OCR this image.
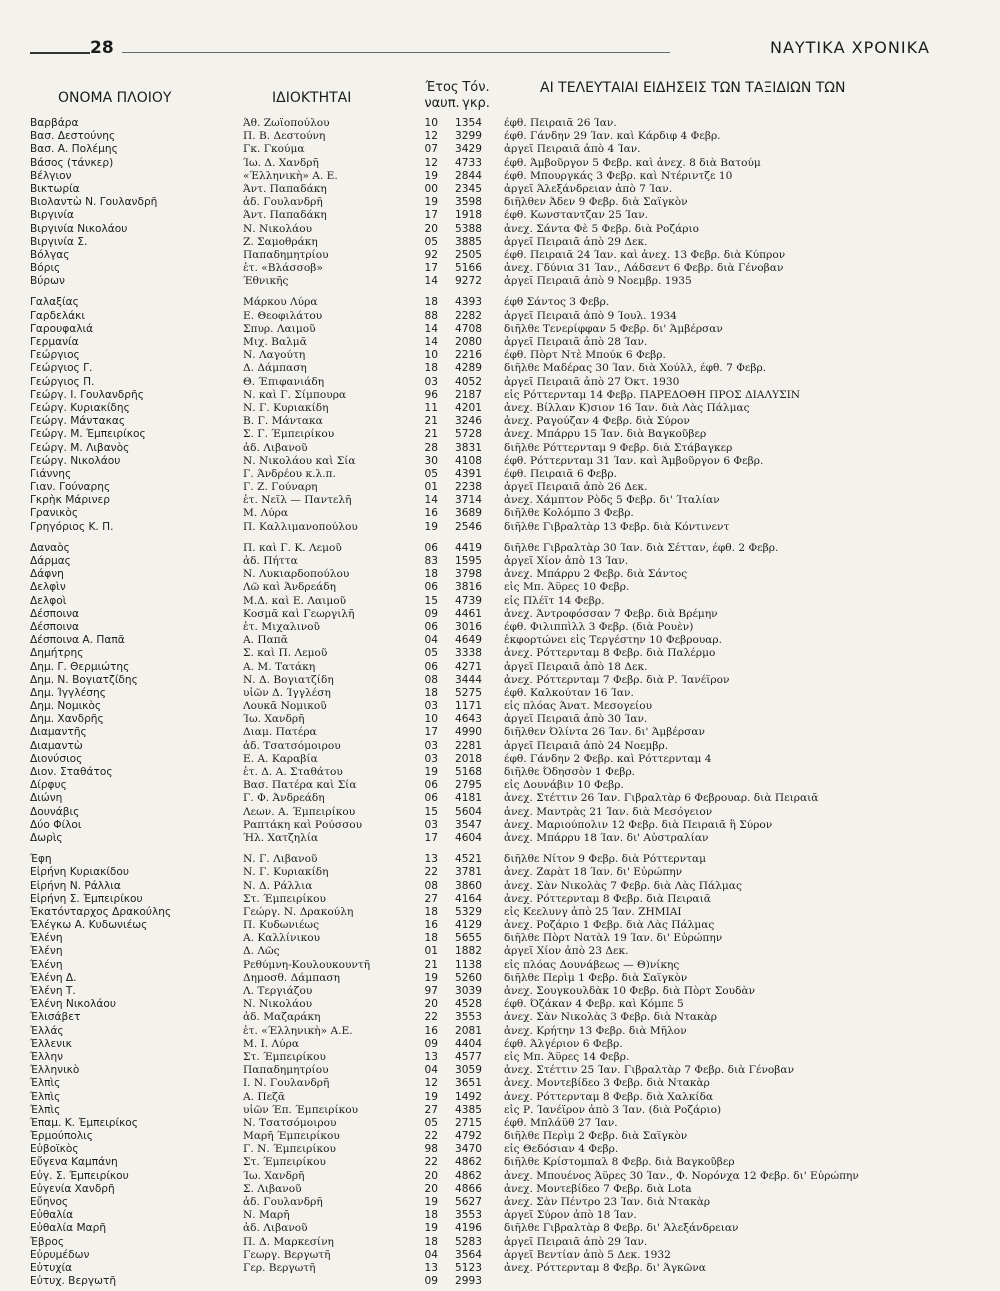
28	ΝΑΥΤΙΚΑ ΧΡΟΝΙΚΑ
ΟΝΟΜΑ ΠΛΟΙΟΥ	ΙΔΙΟΚΤΗΤΑΙ
Έτος ναυπ.
Τόν. γκρ.
ΑΙ ΤΕΛΕΥΤΑΙΑΙ ΕΙΔΗΣΕΙΣ ΤΩΝ ΤΑΞΙΔΙΩΝ ΤΩΝ
Βαρβάρα	Άθ. Ζωϊοπούλου	10	1354 έφθ. Πειραιᾶ 26 Ίαν.
Βασ. Δεστούνης	Π. Β. Δεστούνη	12	3299 έφθ. Γάνδην 29 Ίαν. καὶ Κάρδιφ 4 Φεβρ.
Βασ. Α. Πολέμης	Γκ. Γκούμα	07	3429 ἀργεῖ Πειραιᾶ ἀπὸ 4 Ίαν.
Βάσος (τάνκερ)	Ίω. Δ. Χανδρῆ	12	4733 έφθ. Άμβοῦργον 5 Φεβρ. καὶ ἀνεχ. 8 διὰ Βατούμ
Βέλγιον	«Έλληνικὴ» Α. Ε.	19	2844 έφθ. Μπουργκάς 3 Φεβρ. καὶ Ντέριντζε 10
Βικτωρία	Άντ. Παπαδάκη	00	2345 ἀργεῖ Άλεξάνδρειαν ἀπὸ 7 Ίαν.
Βιολαντὼ Ν. Γουλανδρῆ	ἀδ. Γουλανδρῆ	19	3598 διῆλθεν Άδεν 9 Φεβρ. διὰ Σαϊγκὸν
Βιργινία	Άντ. Παπαδάκη	17	1918 έφθ. Κωνσταντζαν 25 Ίαν.
Βιργινία Νικολάου	Ν. Νικολάου	20	5388 ἀνεχ. Σάντα Φὲ 5 Φεβρ. διὰ Ροζάριο
Βιργινία Σ.	Ζ. Σαμοθράκη	05	3885 ἀργεῖ Πειραιᾶ ἀπὸ 29 Δεκ.
Βόλγας	Παπαδημητρίου	92	2505 έφθ. Πειραιᾶ 24 Ίαν. καὶ ἀνεχ. 13 Φεβρ. διὰ Κύπρον
Βόρις	ἑτ. «Βλάσσοβ»	17	5166 ἀνεχ. Γδύνια 31 Ίαν., Λάδσεντ 6 Φεβρ. διὰ Γένοβαν
Βύρων	Έθνικῆς	14	9272 ἀργεῖ Πειραιᾶ ἀπὸ 9 Νοεμβρ. 1935
Γαλαξίας	Μάρκου Λύρα	18	4393 έφθ Σάντος 3 Φεβρ.
Γαρδελάκι	Ε. Θεοφιλάτου	88	2282 ἀργεῖ Πειραιᾶ ἀπὸ 9 Ίουλ. 1934
Γαρουφαλιά	Σπυρ. Λαιμοῦ	14	4708 διῆλθε Τενερίφφαν 5 Φεβρ. δι' Άμβέρσαν
Γερμανία	Μιχ. Βαλμᾶ	14	2080 ἀργεῖ Πειραιᾶ ἀπὸ 28 Ίαν.
Γεώργιος	Ν. Λαγούτη	10	2216 έφθ. Πὸρτ Ντὲ Μπούκ 6 Φεβρ.
Γεώργιος Γ.	Δ. Δάμπαση	18	4289 διῆλθε Μαδέρας 30 Ίαν. διὰ Χούλλ, έφθ. 7 Φεβρ.
Γεώργιος Π.	Θ. Έπιφανιάδη	03	4052 ἀργεῖ Πειραιᾶ ἀπὸ 27 Όκτ. 1930
Γεώργ. Ι. Γουλανδρῆς	Ν. καὶ Γ. Σίμπουρα	96	2187 εἰς Ρόττερνταμ 14 Φεβρ. ΠΑΡΕΔΟΘΗ ΠΡΟΣ ΔΙΑΛΥΣΙΝ
Γεώργ. Κυριακίδης	Ν. Γ. Κυριακίδη	11	4201 ἀνεχ. Βίλλαν Κ)σιον 16 Ίαν. διὰ Λὰς Πάλμας
Γεώργ. Μάντακας	Β. Γ. Μάντακα	21	3246 ἀνεχ. Ραγούζαν 4 Φεβρ. διὰ Σύρον
Γεώργ. Μ. Έμπειρίκος	Σ. Γ. Έμπειρίκου	21	5728 ἀνεχ. Μπάρρυ 15 Ίαν. διὰ Βαγκοῦβερ
Γεώργ. Μ. Λιβανὸς	ἀδ. Λιβανοῦ	28	3831 διῆλθε Ρόττερνταμ 9 Φεβρ. διὰ Στάβαγκερ
Γεώργ. Νικολάου	Ν. Νικολάου καὶ Σία	30	4108 έφθ. Ρόττερνταμ 31 Ίαν. καὶ Άμβοῦργον 6 Φεβρ.
Γιάννης	Γ. Άνδρέου κ.λ.π.	05	4391 έφθ. Πειραιᾶ 6 Φεβρ.
Γιαν. Γούναρης	Γ. Ζ. Γούναρη	01	2238 ἀργεῖ Πειραιᾶ ἀπὸ 26 Δεκ.
Γκρὴκ Μάρινερ	ἑτ. Νεῖλ — Παντελῆ	14	3714 ἀνεχ. Χάμπτον Ρὸδς 5 Φεβρ. δι' Ίταλίαν
Γρανικὸς	Μ. Λύρα	16	3689 διῆλθε Κολόμπο 3 Φεβρ.
Γρηγόριος Κ. Π.	Π. Καλλιμανοπούλου	19	2546 διῆλθε Γιβραλτὰρ 13 Φεβρ. διὰ Κόντινεντ
Δαναὸς	Π. καὶ Γ. Κ. Λεμοῦ	06	4419 διῆλθε Γιβραλτὰρ 30 Ίαν. διὰ Σέτταν, έφθ. 2 Φεβρ.
Δάρμας	ἀδ. Πήττα	83	1595 ἀργεῖ Χίον ἀπὸ 13 Ίαν.
Δάφνη	Ν. Λυκιαρδοπούλου	18	3798 ἀνεχ. Μπάρρυ 2 Φεβρ. διὰ Σάντος
Δελφὶν	Λῶ καὶ Άνδρεάδη	06	3816 εἰς Μπ. Άϋρες 10 Φεβρ.
Δελφοὶ	Μ.Δ. καὶ Ε. Λαιμοῦ	15	4739 εἰς Πλέϊτ 14 Φεβρ.
Δέσποινα	Κοσμᾶ καὶ Γεωργιλῆ	09	4461 ἀνεχ. Άντροφόσσαν 7 Φεβρ. διὰ Βρέμην
Δέσποινα	ἑτ. Μιχαλινοῦ	06	3016 έφθ. Φιλιππὶλλ 3 Φεβρ. (διὰ Ρουὲν)
Δέσποινα Α. Παπᾶ	Α. Παπᾶ	04	4649 ἐκφορτώνει εἰς Τεργέστην 10 Φεβρουαρ.
Δημήτρης	Σ. καὶ Π. Λεμοῦ	05	3338 ἀνεχ. Ρόττερνταμ 8 Φεβρ. διὰ Παλέρμο
Δημ. Γ. Θερμιώτης	Α. Μ. Τατάκη	06	4271 ἀργεῖ Πειραιᾶ ἀπὸ 18 Δεκ.
Δημ. Ν. Βογιατζίδης	Ν. Δ. Βογιατζίδη	08	3444 ἀνεχ. Ρόττερνταμ 7 Φεβρ. διὰ Ρ. Ίανέϊρον
Δημ. Ίγγλέσης	υἱῶν Δ. Ίγγλέση	18	5275 έφθ. Καλκούταν 16 Ίαν.
Δημ. Νομικὸς	Λουκᾶ Νομικοῦ	03	1171 εἰς πλόας Άνατ. Μεσογείου
Δημ. Χανδρῆς	Ίω. Χανδρῆ	10	4643 ἀργεῖ Πειραιᾶ ἀπὸ 30 Ίαν.
Διαμαντῆς	Διαμ. Πατέρα	17	4990 διῆλθεν Όλίντα 26 Ίαν. δι' Άμβέρσαν
Διαμαντὼ	ἀδ. Τσατσόμοιρου	03	2281 ἀργεῖ Πειραιᾶ ἀπὸ 24 Νοεμβρ.
Διονύσιος	Ε. Α. Καραβία	03	2018 έφθ. Γάνδην 2 Φεβρ. καὶ Ρόττερνταμ 4
Διον. Σταθάτος	ἑτ. Δ. Α. Σταθάτου	19	5168 διῆλθε Όδησσὸν 1 Φεβρ.
Δίρφυς	Βασ. Πατέρα καὶ Σία	06	2795 εἰς Δουνάβιν 10 Φεβρ.
Διώνη	Γ. Φ. Άνδρεάδη	06	4181 ἀνεχ. Στέττιν 26 Ίαν. Γιβραλτὰρ 6 Φεβρουαρ. διὰ Πειραιᾶ
Δουνάβις	Λεων. Α. Έμπειρίκου	15	5604 ἀνεχ. Μαντρὰς 21 Ίαν. διὰ Μεσόγειον
Δύο Φίλοι	Ραπτάκη καὶ Ρούσσου	03	3547 ἀνεχ. Μαριούπολιν 12 Φεβρ. διὰ Πειραιᾶ ἢ Σύρον
Δωρὶς	Ήλ. Χατζηλία	17	4604 ἀνεχ. Μπάρρυ 18 Ίαν. δι' Αὐστραλίαν
Έφη	Ν. Γ. Λιβανοῦ	13	4521 διῆλθε Νίτον 9 Φεβρ. διὰ Ρόττερνταμ
Εἰρήνη Κυριακίδου	Ν. Γ. Κυριακίδη	22	3781 ἀνεχ. Ζαρὰτ 18 Ίαν. δι' Εὐρώπην
Εἰρήνη Ν. Ράλλια	Ν. Δ. Ράλλια	08	3860 ἀνεχ. Σὰν Νικολὰς 7 Φεβρ. διὰ Λὰς Πάλμας
Εἰρήνη Σ. Έμπειρίκου	Στ. Έμπειρίκου	27	4164 ἀνεχ. Ρόττερνταμ 8 Φεβρ. διὰ Πειραιᾶ
Έκατόνταρχος Δρακούλης	Γεώργ. Ν. Δρακούλη	18	5329 εἰς Κεελυνγ ἀπὸ 25 Ίαν. ΖΗΜΙΑΙ
Έλέγκω Α. Κυδωνιέως	Π. Κυδωνιέως	16	4129 ἀνεχ. Ροζάριο 1 Φεβρ. διὰ Λὰς Πάλμας
Έλένη	Α. Καλλίνικου	18	5655 διῆλθε Πὸρτ Νατὰλ 19 Ίαν. δι' Εὐρώπην
Έλένη	Δ. Λῶς	01	1882 ἀργεῖ Χίον ἀπὸ 23 Δεκ.
Έλένη	Ρεθύμνη-Κουλουκουντῆ	21	1138 εἰς πλόας Δουνάβεως — Θ)νίκης
Έλένη Δ.	Δημοσθ. Δάμπαση	19	5260 διῆλθε Περὶμ 1 Φεβρ. διὰ Σαϊγκὸν
Έλένη Τ.	Λ. Τεργιάζου	97	3039 ἀνεχ. Σουγκουλδὰκ 10 Φεβρ. διὰ Πὸρτ Σουδὰν
Έλένη Νικολάου	Ν. Νικολάου	20	4528 έφθ. Όζάκαν 4 Φεβρ. καὶ Κόμπε 5
Έλισάβετ	ἀδ. Μαζαράκη	22	3553 ἀνεχ. Σὰν Νικολὰς 3 Φεβρ. διὰ Ντακὰρ
Έλλάς	ἑτ. «Έλληνικὴ» Α.Ε.	16	2081 ἀνεχ. Κρήτην 13 Φεβρ. διὰ Μῆλον
Έλλενικ	Μ. Ι. Λύρα	09	4404 έφθ. Άλγέριον 6 Φεβρ.
Έλλην	Στ. Έμπειρίκου	13	4577 εἰς Μπ. Άϋρες 14 Φεβρ.
Έλληνικὸ	Παπαδημητρίου	04	3059 ἀνεχ. Στέττιν 25 Ίαν. Γιβραλτὰρ 7 Φεβρ. διὰ Γένοβαν
Έλπὶς	Ι. Ν. Γουλανδρῆ	12	3651 ἀνεχ. Μοντεβίδεο 3 Φεβρ. διὰ Ντακὰρ
Έλπὶς	Α. Πεζᾶ	19	1492 ἀνεχ. Ρόττερνταμ 8 Φεβρ. διὰ Χαλκίδα
Έλπὶς	υἱῶν Έπ. Έμπειρίκου	27	4385 εἰς Ρ. Ίανέϊρον ἀπὸ 3 Ίαν. (διὰ Ροζάριο)
Έπαμ. Κ. Έμπειρίκος	Ν. Τσατσόμοιρου	05	2715 έφθ. Μπλάϋθ 27 Ίαν.
Έρμούπολις	Μαρῆ Έμπειρίκου	22	4792 διῆλθε Περὶμ 2 Φεβρ. διὰ Σαϊγκὸν
Εὐβοϊκὸς	Γ. Ν. Έμπειρίκου	98	3470 εἰς Θεδόσιαν 4 Φεβρ.
Εὔγενα Καμπάνη	Στ. Έμπειρίκου	22	4862 διῆλθε Κρίστομπαλ 8 Φεβρ. διὰ Βαγκοῦβερ
Εὐγ. Σ. Έμπειρίκου	Ίω. Χανδρῆ	20	4862 ἀνεχ. Μπουένος Άϋρες 30 Ίαν., Φ. Νορόνχα 12 Φεβρ. δι' Εὐρώπην
Εὐγενία Χανδρῆ	Σ. Λιβανοῦ	20	4866 ἀνεχ. Μοντεβίδεο 7 Φεβρ. διὰ Lota
Εὔηνος	ἀδ. Γουλανδρῆ	19	5627 ἀνεχ. Σὰν Πέντρο 23 Ίαν. διὰ Ντακὰρ
Εὐθαλία	Ν. Μαρῆ	18	3553 ἀργεῖ Σύρον ἀπὸ 18 Ίαν.
Εὐθαλία Μαρῆ	ἀδ. Λιβανοῦ	19	4196 διῆλθε Γιβραλτὰρ 8 Φεβρ. δι' Άλεξάνδρειαν
Έβρος	Π. Δ. Μαρκεσίνη	18	5283 ἀργεῖ Πειραιᾶ ἀπὸ 29 Ίαν.
Εὐρυμέδων	Γεωργ. Βεργωτῆ	04	3564 ἀργεῖ Βεντίαν ἀπὸ 5 Δεκ. 1932
Εὐτυχία	Γερ. Βεργωτῆ	13	5123 ἀνεχ. Ρόττερνταμ 8 Φεβρ. δι' Άγκῶνα
Εὐτυχ. Βεργωτῆ	09	2993
